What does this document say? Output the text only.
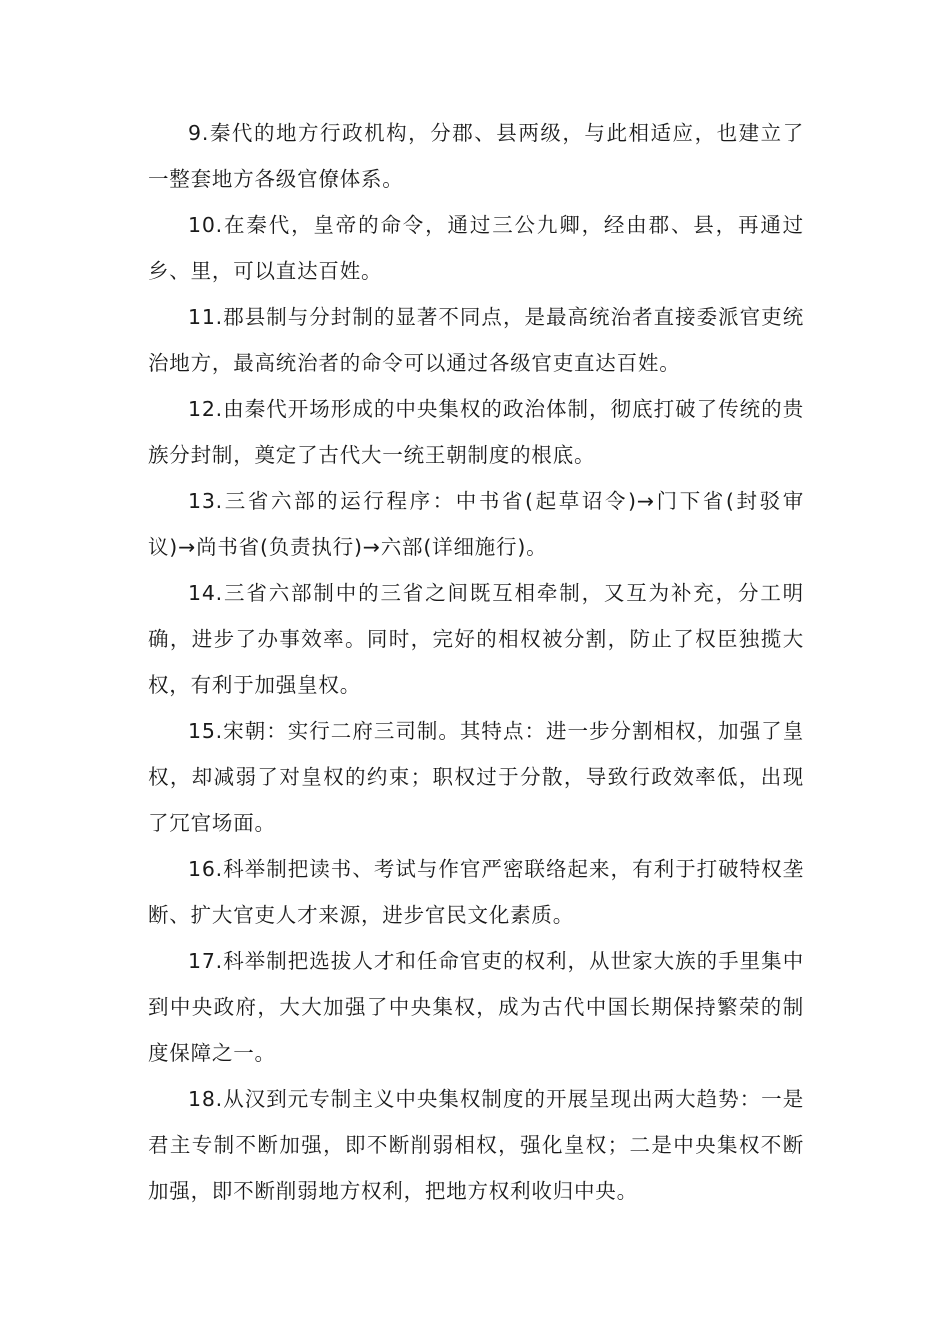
9.秦代的地方行政机构，分郡、县两级，与此相适应，也建立了一整套地方各级官僚体系。

10.在秦代，皇帝的命令，通过三公九卿，经由郡、县，再通过乡、里，可以直达百姓。

11.郡县制与分封制的显著不同点，是最高统治者直接委派官吏统治地方，最高统治者的命令可以通过各级官吏直达百姓。

12.由秦代开场形成的中央集权的政治体制，彻底打破了传统的贵族分封制，奠定了古代大一统王朝制度的根底。

13.三省六部的运行程序：中书省(起草诏令)→门下省(封驳审议)→尚书省(负责执行)→六部(详细施行)。

14.三省六部制中的三省之间既互相牵制，又互为补充，分工明确，进步了办事效率。同时，完好的相权被分割，防止了权臣独揽大权，有利于加强皇权。

15.宋朝：实行二府三司制。其特点：进一步分割相权，加强了皇权，却减弱了对皇权的约束；职权过于分散，导致行政效率低，出现了冗官场面。

16.科举制把读书、考试与作官严密联络起来，有利于打破特权垄断、扩大官吏人才来源，进步官民文化素质。

17.科举制把选拔人才和任命官吏的权利，从世家大族的手里集中到中央政府，大大加强了中央集权，成为古代中国长期保持繁荣的制度保障之一。

18.从汉到元专制主义中央集权制度的开展呈现出两大趋势：一是君主专制不断加强，即不断削弱相权，强化皇权；二是中央集权不断加强，即不断削弱地方权利，把地方权利收归中央。
